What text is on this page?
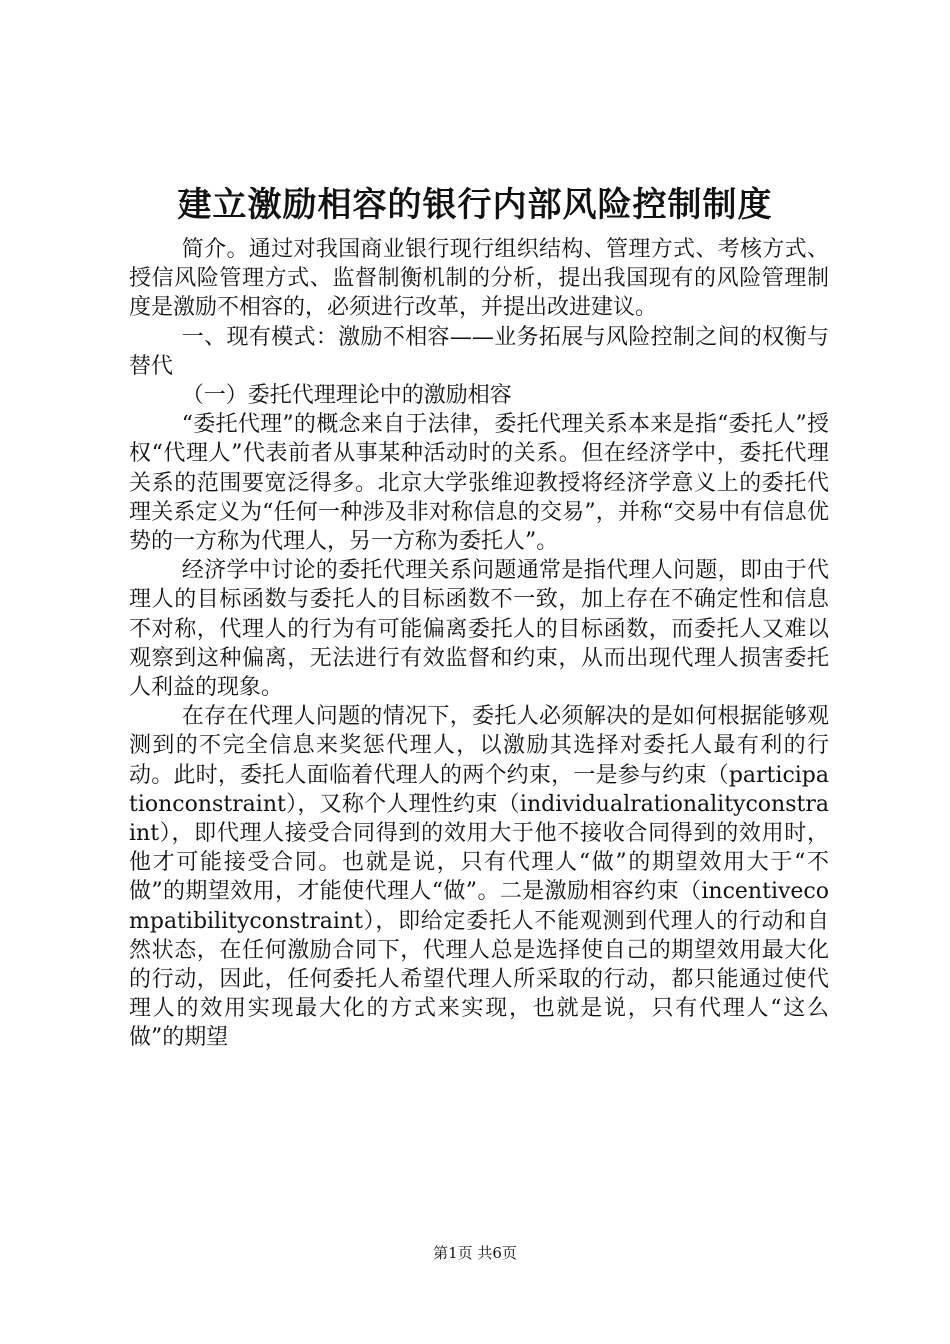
建立激励相容的银行内部风险控制制度

简介。通过对我国商业银行现行组织结构、管理方式、考核方式、授信风险管理方式、监督制衡机制的分析，提出我国现有的风险管理制度是激励不相容的，必须进行改革，并提出改进建议。

一、现有模式：激励不相容——业务拓展与风险控制之间的权衡与替代

（一）委托代理理论中的激励相容

“委托代理”的概念来自于法律，委托代理关系本来是指“委托人”授权“代理人”代表前者从事某种活动时的关系。但在经济学中，委托代理关系的范围要宽泛得多。北京大学张维迎教授将经济学意义上的委托代理关系定义为“任何一种涉及非对称信息的交易”，并称“交易中有信息优势的一方称为代理人，另一方称为委托人”。

经济学中讨论的委托代理关系问题通常是指代理人问题，即由于代理人的目标函数与委托人的目标函数不一致，加上存在不确定性和信息不对称，代理人的行为有可能偏离委托人的目标函数，而委托人又难以观察到这种偏离，无法进行有效监督和约束，从而出现代理人损害委托人利益的现象。

在存在代理人问题的情况下，委托人必须解决的是如何根据能够观测到的不完全信息来奖惩代理人，以激励其选择对委托人最有利的行动。此时，委托人面临着代理人的两个约束，一是参与约束（participationconstraint），又称个人理性约束（individualrationalityconstraint），即代理人接受合同得到的效用大于他不接收合同得到的效用时，他才可能接受合同。也就是说，只有代理人“做”的期望效用大于“不做”的期望效用，才能使代理人“做”。二是激励相容约束（incentivecompatibilityconstraint），即给定委托人不能观测到代理人的行动和自然状态，在任何激励合同下，代理人总是选择使自己的期望效用最大化的行动，因此，任何委托人希望代理人所采取的行动，都只能通过使代理人的效用实现最大化的方式来实现，也就是说，只有代理人“这么做”的期望

第1页 共6页
